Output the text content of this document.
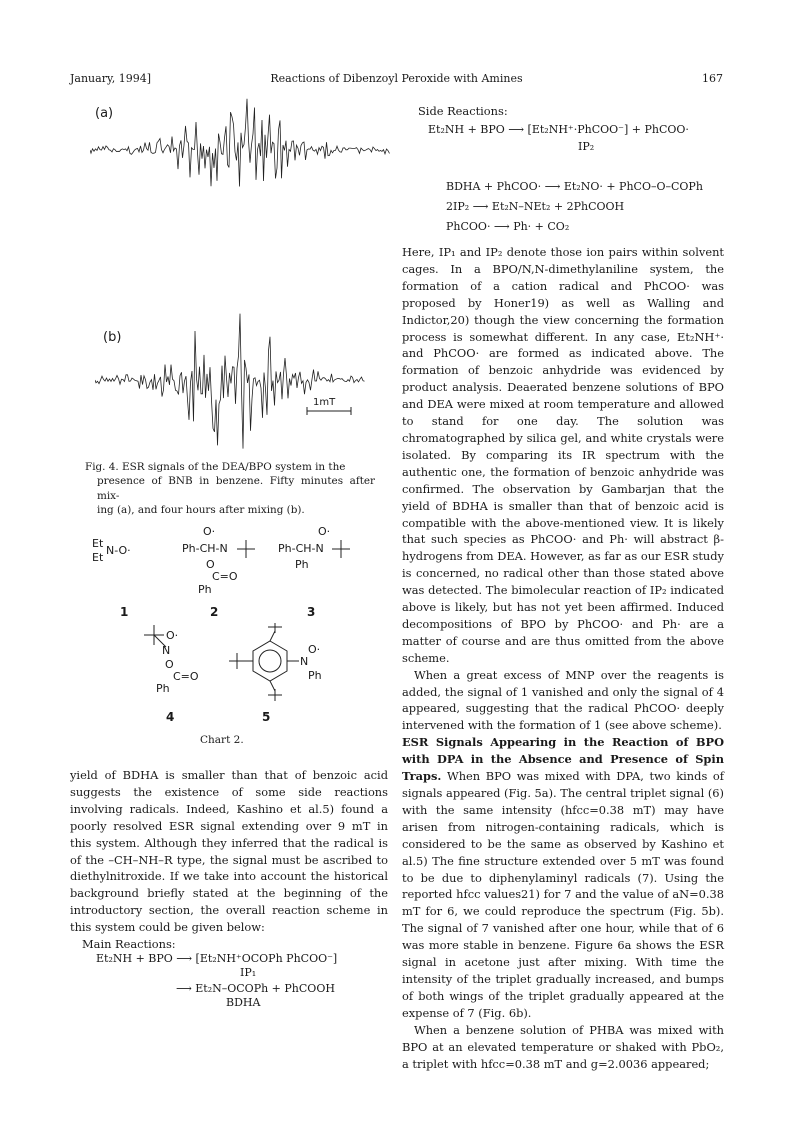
January, 1994]	Reactions of Dibenzoyl Peroxide with Amines	167
(a)
(b)
1mT
Fig. 4. ESR signals of the DEA/BPO system in the
presence of BNB in benzene. Fifty minutes after mix-
ing (a), and four hours after mixing (b).
Et
Et
N-O·
O·
Ph-CH-N
O
C=O
Ph
O·
Ph-CH-N
Ph
1	2	3
O·
N
O
C=O
Ph
N
O·
Ph
4	5
Chart 2.

yield of BDHA is smaller than that of benzoic acid suggests the existence of some side reactions involving radicals. Indeed, Kashino et al.5) found a poorly resolved ESR signal extending over 9 mT in this system. Although they inferred that the radical is of the –CH–NH–R type, the signal must be ascribed to diethylnitroxide. If we take into account the historical background briefly stated at the beginning of the introductory section, the overall reaction scheme in this system could be given below:

Main Reactions:

Et₂NH + BPO ⟶ [Et₂NH⁺OCOPh PhCOO⁻]
IP₁
⟶ Et₂N–OCOPh + PhCOOH
BDHA
Side Reactions:
Et₂NH + BPO ⟶ [Et₂NH⁺·PhCOO⁻] + PhCOO·
IP₂
BDHA + PhCOO· ⟶ Et₂NO· + PhCO–O–COPh
2IP₂ ⟶ Et₂N–NEt₂ + 2PhCOOH
PhCOO· ⟶ Ph· + CO₂

Here, IP₁ and IP₂ denote those ion pairs within solvent cages. In a BPO/N,N-dimethylaniline system, the formation of a cation radical and PhCOO· was proposed by Honer19) as well as Walling and Indictor,20) though the view concerning the formation process is somewhat different. In any case, Et₂NH⁺· and PhCOO· are formed as indicated above. The formation of benzoic anhydride was evidenced by product analysis. Deaerated benzene solutions of BPO and DEA were mixed at room temperature and allowed to stand for one day. The solution was chromatographed by silica gel, and white crystals were isolated. By comparing its IR spectrum with the authentic one, the formation of benzoic anhydride was confirmed. The observation by Gambarjan that the yield of BDHA is smaller than that of benzoic acid is compatible with the above-mentioned view. It is likely that such species as PhCOO· and Ph· will abstract β-hydrogens from DEA. However, as far as our ESR study is concerned, no radical other than those stated above was detected. The bimolecular reaction of IP₂ indicated above is likely, but has not yet been affirmed. Induced decompositions of BPO by PhCOO· and Ph· are a matter of course and are thus omitted from the above scheme.

When a great excess of MNP over the reagents is added, the signal of 1 vanished and only the signal of 4 appeared, suggesting that the radical PhCOO· deeply intervened with the formation of 1 (see above scheme).

ESR Signals Appearing in the Reaction of BPO with DPA in the Absence and Presence of Spin Traps. When BPO was mixed with DPA, two kinds of signals appeared (Fig. 5a). The central triplet signal (6) with the same intensity (hfcc=0.38 mT) may have arisen from nitrogen-containing radicals, which is considered to be the same as observed by Kashino et al.5) The fine structure extended over 5 mT was found to be due to diphenylaminyl radicals (7). Using the reported hfcc values21) for 7 and the value of aN=0.38 mT for 6, we could reproduce the spectrum (Fig. 5b). The signal of 7 vanished after one hour, while that of 6 was more stable in benzene. Figure 6a shows the ESR signal in acetone just after mixing. With time the intensity of the triplet gradually increased, and bumps of both wings of the triplet gradually appeared at the expense of 7 (Fig. 6b).

When a benzene solution of PHBA was mixed with BPO at an elevated temperature or shaked with PbO₂, a triplet with hfcc=0.38 mT and g=2.0036 appeared;
